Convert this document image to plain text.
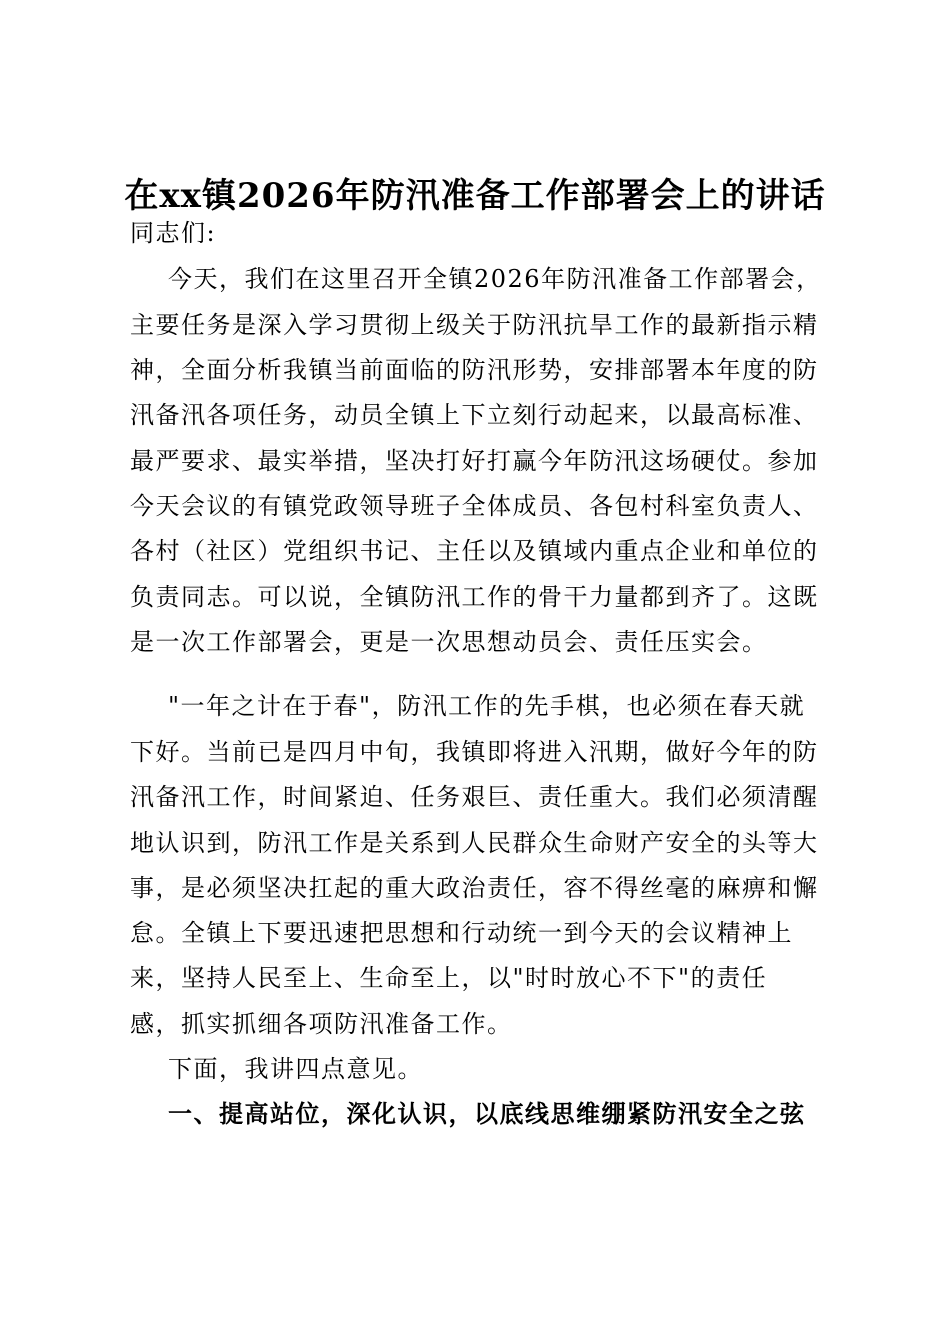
在xx镇2026年防汛准备工作部署会上的讲话
同志们:
今天，我们在这里召开全镇2026年防汛准备工作部署会，
主要任务是深入学习贯彻上级关于防汛抗旱工作的最新指示精
神，全面分析我镇当前面临的防汛形势，安排部署本年度的防
汛备汛各项任务，动员全镇上下立刻行动起来，以最高标准、
最严要求、最实举措，坚决打好打赢今年防汛这场硬仗。参加
今天会议的有镇党政领导班子全体成员、各包村科室负责人、
各村（社区）党组织书记、主任以及镇域内重点企业和单位的
负责同志。可以说，全镇防汛工作的骨干力量都到齐了。这既
是一次工作部署会，更是一次思想动员会、责任压实会。
"一年之计在于春"，防汛工作的先手棋，也必须在春天就
下好。当前已是四月中旬，我镇即将进入汛期，做好今年的防
汛备汛工作，时间紧迫、任务艰巨、责任重大。我们必须清醒
地认识到，防汛工作是关系到人民群众生命财产安全的头等大
事，是必须坚决扛起的重大政治责任，容不得丝毫的麻痹和懈
怠。全镇上下要迅速把思想和行动统一到今天的会议精神上
来，坚持人民至上、生命至上，以"时时放心不下"的责任
感，抓实抓细各项防汛准备工作。
下面，我讲四点意见。
一、提高站位，深化认识，以底线思维绷紧防汛安全之弦
